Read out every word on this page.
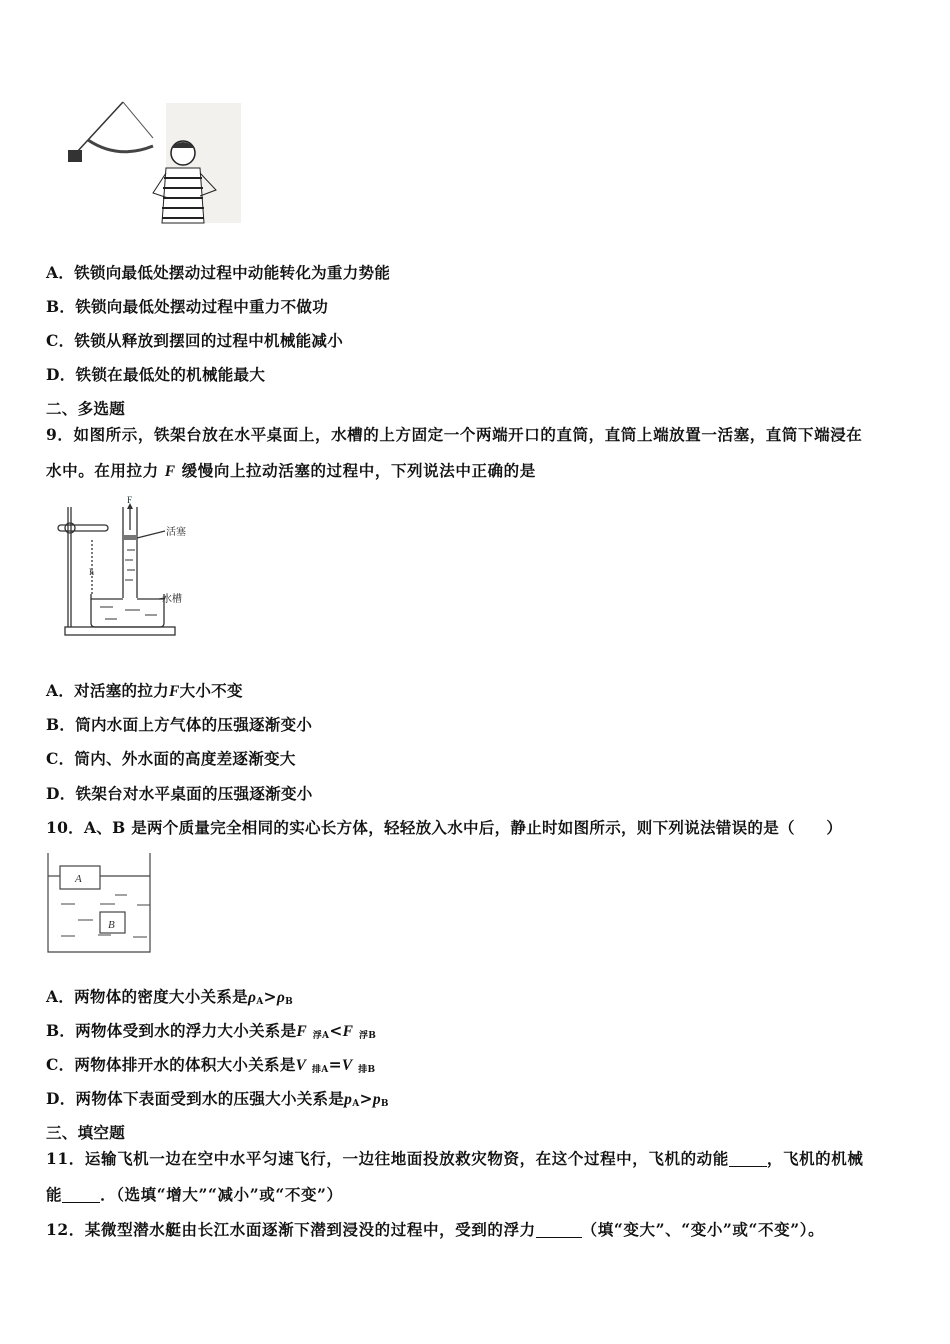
A．铁锁向最低处摆动过程中动能转化为重力势能
B．铁锁向最低处摆动过程中重力不做功
C．铁锁从释放到摆回的过程中机械能减小
D．铁锁在最低处的机械能最大
二、多选题
9．如图所示，铁架台放在水平桌面上，水槽的上方固定一个两端开口的直筒，直筒上端放置一活塞，直筒下端浸在
水中。在用拉力 F 缓慢向上拉动活塞的过程中，下列说法中正确的是
F
活塞
h
水槽
A．对活塞的拉力F大小不变
B．筒内水面上方气体的压强逐渐变小
C．筒内、外水面的高度差逐渐变大
D．铁架台对水平桌面的压强逐渐变小
10．A、B 是两个质量完全相同的实心长方体，轻轻放入水中后，静止时如图所示，则下列说法错误的是（　　）
A
B
A．两物体的密度大小关系是$\rho_A>\rho_B$
B．两物体受到水的浮力大小关系是F $_{浮A}$<F $_{浮B}$
C．两物体排开水的体积大小关系是V $_{排A}$=V $_{排B}$
D．两物体下表面受到水的压强大小关系是$p_A>p_B$
三、填空题
11．运输飞机一边在空中水平匀速飞行，一边往地面投放救灾物资，在这个过程中，飞机的动能 ，飞机的机械
能 ．（选填“增大”“减小”或“不变”）
12．某微型潜水艇由长江水面逐渐下潜到浸没的过程中，受到的浮力	（填“变大”、“变小”或“不变”）。
